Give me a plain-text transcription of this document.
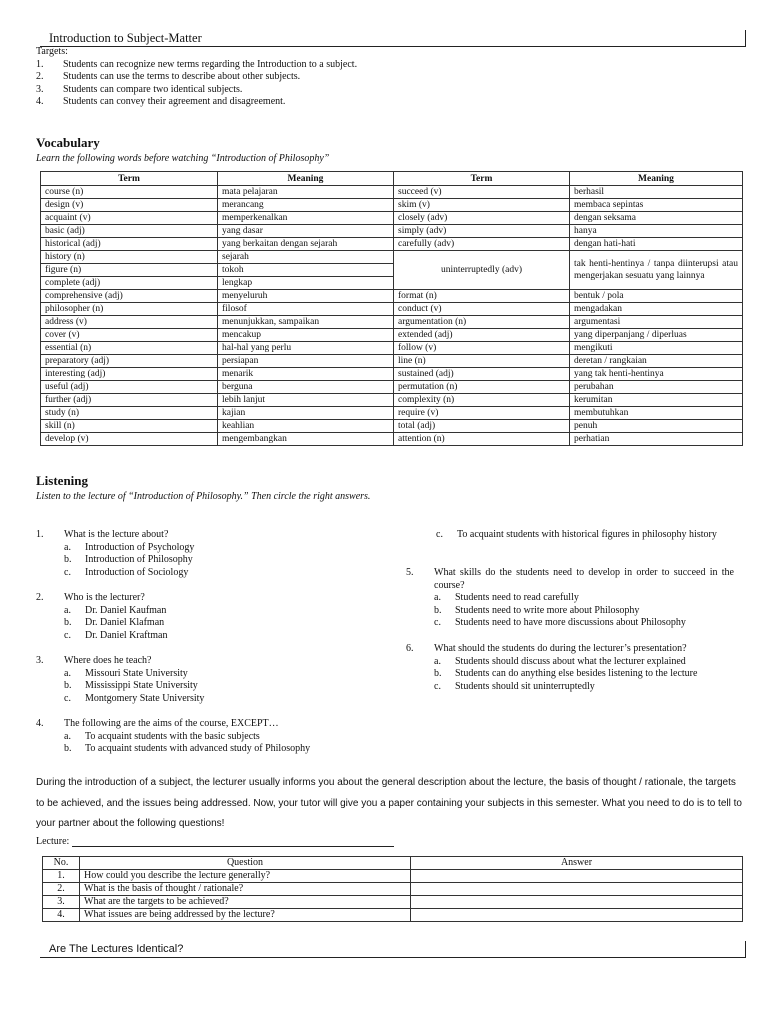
Introduction to Subject-Matter
Targets:
1. Students can recognize new terms regarding the Introduction to a subject.
2. Students can use the terms to describe about other subjects.
3. Students can compare two identical subjects.
4. Students can convey their agreement and disagreement.
Vocabulary
Learn the following words before watching “Introduction of Philosophy”
Term	Meaning	Term	Meaning
course (n)	mata pelajaran	succeed (v)	berhasil
design (v)	merancang	skim (v)	membaca sepintas
acquaint (v)	memperkenalkan	closely (adv)	dengan seksama
basic (adj)	yang dasar	simply (adv)	hanya
historical (adj)	yang berkaitan dengan sejarah	carefully (adv)	dengan hati-hati
history (n)	sejarah	uninterruptedly (adv)	tak henti-hentinya / tanpa diinterupsi atau mengerjakan sesuatu yang lainnya
figure (n)	tokoh		
complete (adj)	lengkap		
comprehensive (adj)	menyeluruh	format (n)	bentuk / pola
philosopher (n)	filosof	conduct (v)	mengadakan
address (v)	menunjukkan, sampaikan	argumentation (n)	argumentasi
cover (v)	mencakup	extended (adj)	yang diperpanjang / diperluas
essential (n)	hal-hal yang perlu	follow (v)	mengikuti
preparatory (adj)	persiapan	line (n)	deretan / rangkaian
interesting (adj)	menarik	sustained (adj)	yang tak henti-hentinya
useful (adj)	berguna	permutation (n)	perubahan
further (adj)	lebih lanjut	complexity (n)	kerumitan
study (n)	kajian	require (v)	membutuhkan
skill (n)	keahlian	total (adj)	penuh
develop (v)	mengembangkan	attention (n)	perhatian
Listening
Listen to the lecture of “Introduction of Philosophy.” Then circle the right answers.
1. What is the lecture about?
a. Introduction of Psychology
b. Introduction of Philosophy
c. Introduction of Sociology
2. Who is the lecturer?
a. Dr. Daniel Kaufman
b. Dr. Daniel Klafman
c. Dr. Daniel Kraftman
3. Where does he teach?
a. Missouri State University
b. Mississippi State University
c. Montgomery State University
4. The following are the aims of the course, EXCEPT…
a. To acquaint students with the basic subjects
b. To acquaint students with advanced study of Philosophy
c. To acquaint students with historical figures in philosophy history
5. What skills do the students need to develop in order to succeed in the course?
a. Students need to read carefully
b. Students need to write more about Philosophy
c. Students need to have more discussions about Philosophy
6. What should the students do during the lecturer’s presentation?
a. Students should discuss about what the lecturer explained
b. Students can do anything else besides listening to the lecture
c. Students should sit uninterruptedly
During the introduction of a subject, the lecturer usually informs you about the general description about the lecture, the basis of thought / rationale, the targets to be achieved, and the issues being addressed. Now, your tutor will give you a paper containing your subjects in this semester. What you need to do is to tell to your partner about the following questions!
Lecture:
No.	Question	Answer
1.	How could you describe the lecture generally?	
2.	What is the basis of thought / rationale?	
3.	What are the targets to be achieved?	
4.	What issues are being addressed by the lecture?	
Are The Lectures Identical?
